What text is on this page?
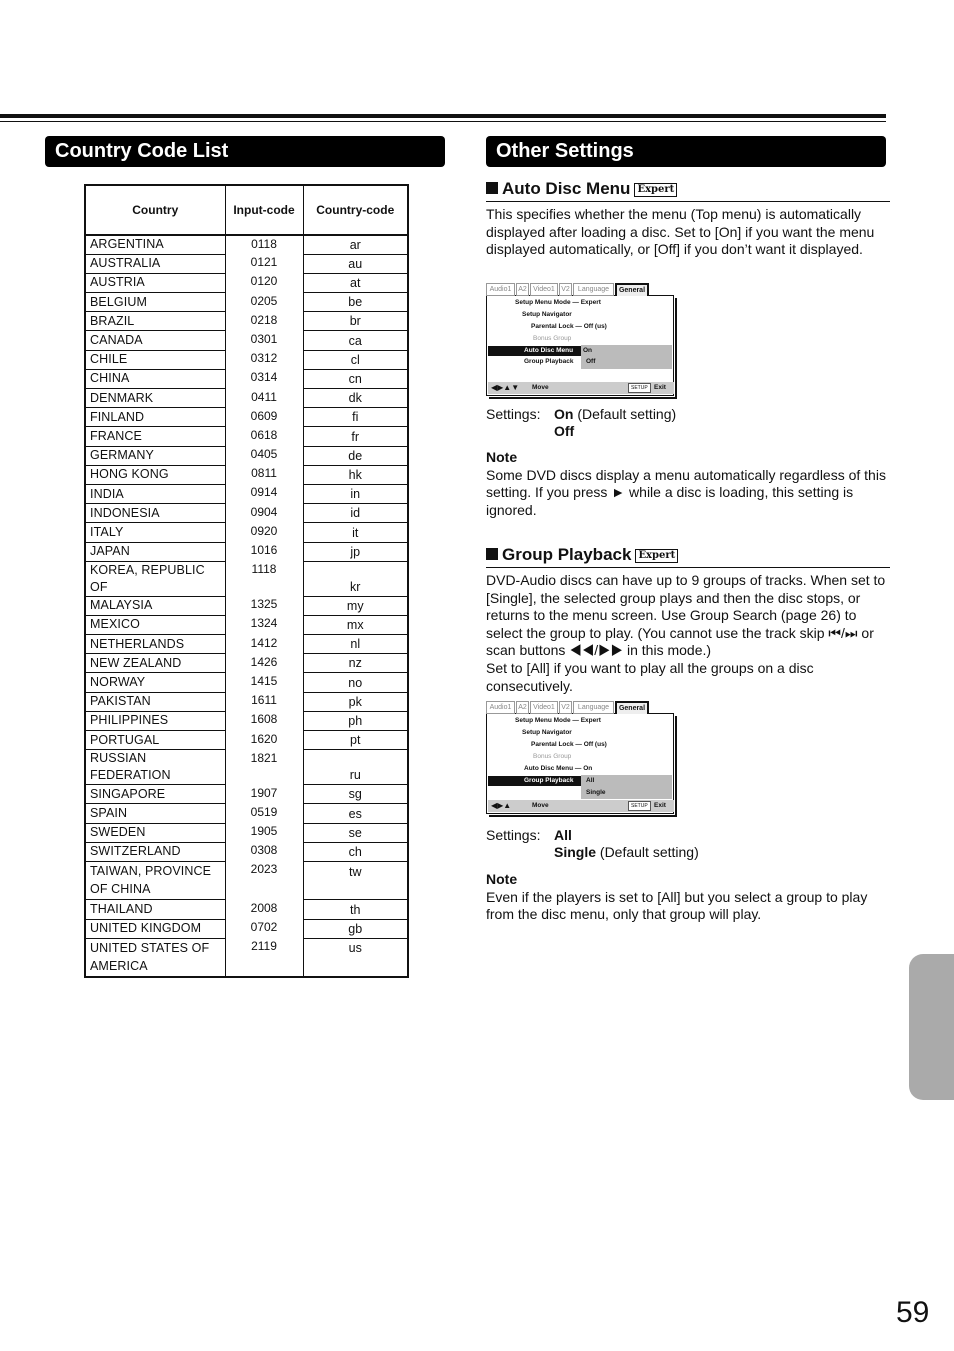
Country Code List
Country	Input-code	Country-code
ARGENTINA	0118	ar
AUSTRALIA	0121	au
AUSTRIA	0120	at
BELGIUM	0205	be
BRAZIL	0218	br
CANADA	0301	ca
CHILE	0312	cl
CHINA	0314	cn
DENMARK	0411	dk
FINLAND	0609	fi
FRANCE	0618	fr
GERMANY	0405	de
HONG KONG	0811	hk
INDIA	0914	in
INDONESIA	0904	id
ITALY	0920	it
JAPAN	1016	jp
KOREA, REPUBLIC OF	1118	kr
MALAYSIA	1325	my
MEXICO	1324	mx
NETHERLANDS	1412	nl
NEW ZEALAND	1426	nz
NORWAY	1415	no
PAKISTAN	1611	pk
PHILIPPINES	1608	ph
PORTUGAL	1620	pt
RUSSIAN FEDERATION	1821	ru
SINGAPORE	1907	sg
SPAIN	0519	es
SWEDEN	1905	se
SWITZERLAND	0308	ch
TAIWAN, PROVINCE	2023	tw
OF CHINA		
THAILAND	2008	th
UNITED KINGDOM	0702	gb
UNITED STATES OF	2119	us
AMERICA		
Other Settings
Auto Disc Menu Expert
This specifies whether the menu (Top menu) is automatically displayed after loading a disc. Set to [On] if you want the menu displayed automatically, or [Off] if you don’t want it displayed.
Setup Menu Mode — Expert
Setup Navigator
Parental Lock — Off (us)
Bonus Group
Auto Disc Menu	On
Group Playback Off
◀▶▲▼ Move	SETUP Exit
Audio1 A2 Video1 V2	Language	General
Settings: On (Default setting)
Off
Note
Some DVD discs display a menu automatically regardless of this setting. If you press ► while a disc is loading, this setting is ignored.
Group Playback Expert
DVD-Audio discs can have up to 9 groups of tracks. When set to [Single], the selected group plays and then the disc stops, or returns to the menu screen. Use Group Search (page 26) to select the group to play. (You cannot use the track skip ⏮/⏭ or scan buttons ◀◀/▶▶ in this mode.)
Set to [All] if you want to play all the groups on a disc consecutively.
Setup Menu Mode — Expert
Setup Navigator
Parental Lock — Off (us)
Bonus Group
Auto Disc Menu — On
Group Playback	All
Single
◀▶▲	Move	SETUP Exit
Audio1 A2 Video1 V2	Language	General
Settings: All
Single (Default setting)
Note
Even if the players is set to [All] but you select a group to play from the disc menu, only that group will play.
59
